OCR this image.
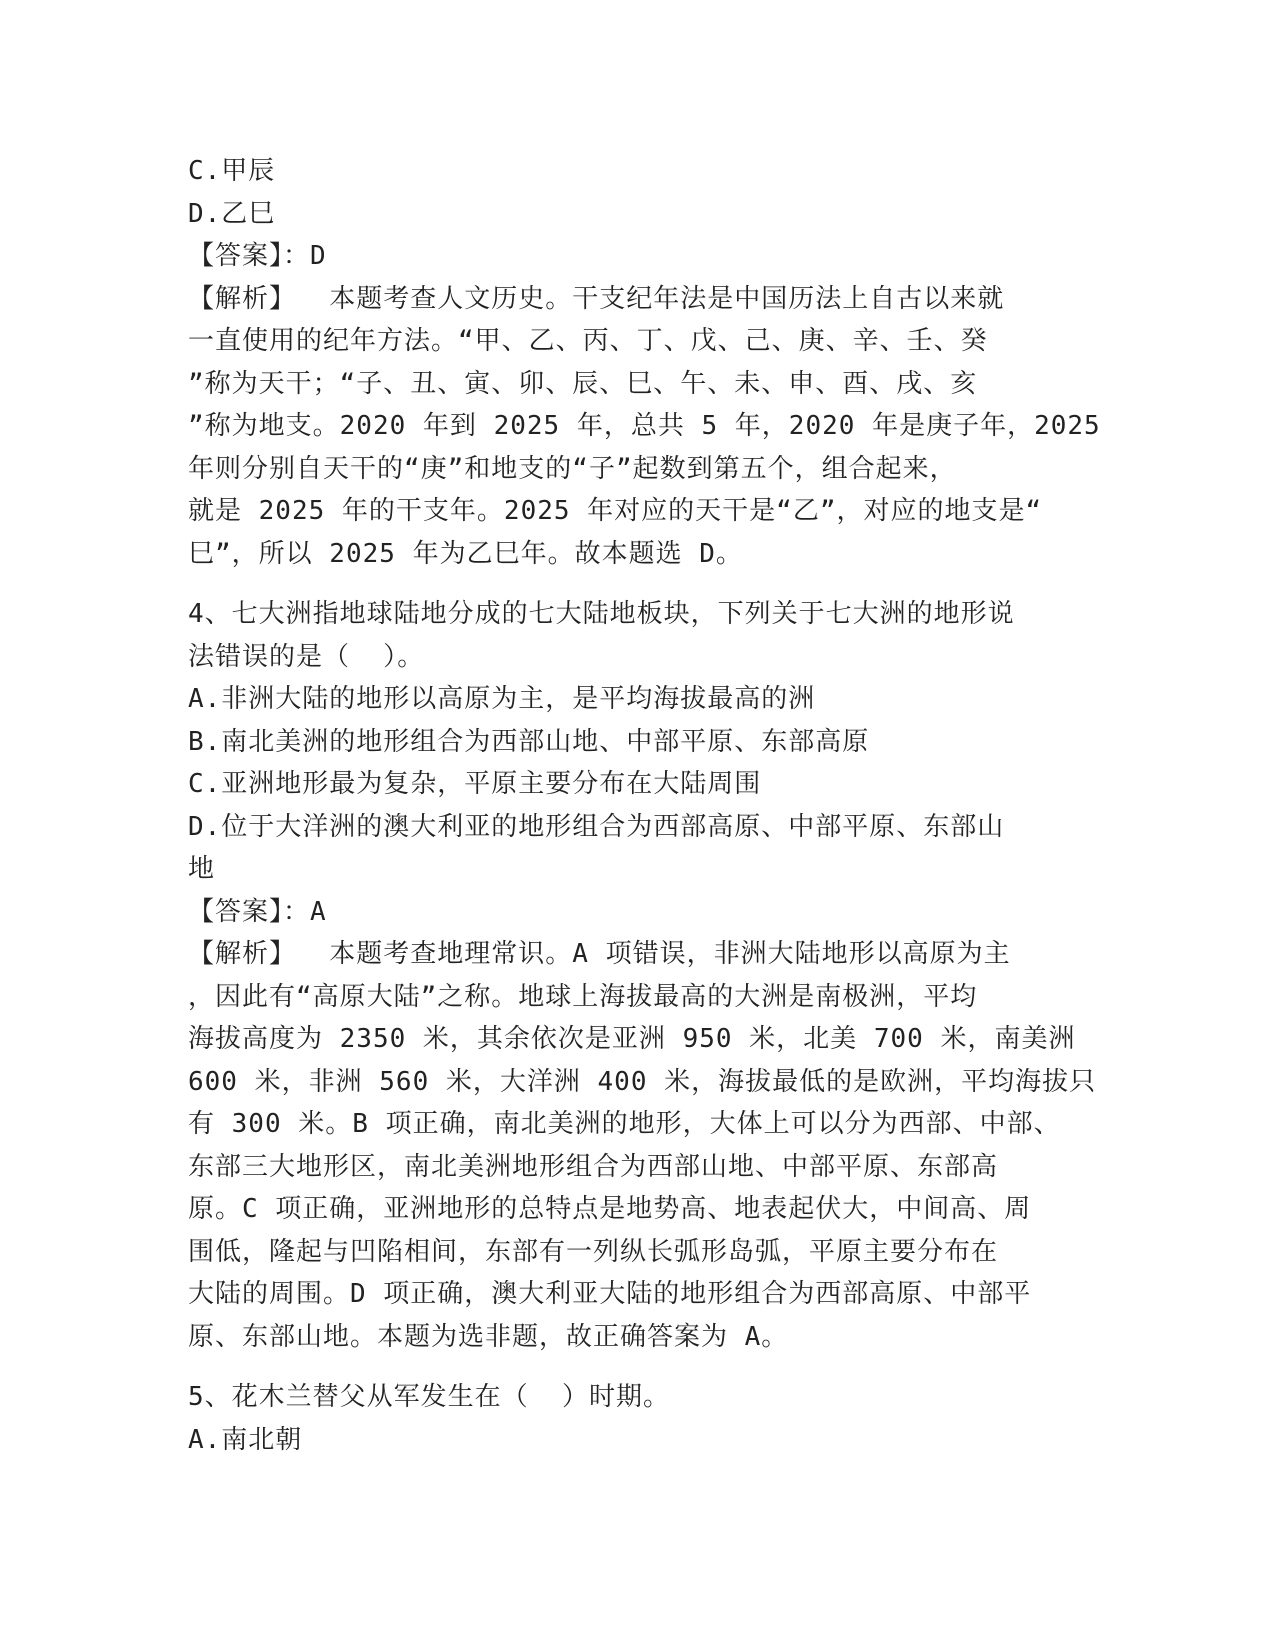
C.甲辰
D.乙巳
【答案】：D
【解析】  本题考查人文历史。干支纪年法是中国历法上自古以来就
一直使用的纪年方法。“甲、乙、丙、丁、戊、己、庚、辛、壬、癸
”称为天干；“子、丑、寅、卯、辰、巳、午、未、申、酉、戌、亥
”称为地支。2020 年到 2025 年，总共 5 年，2020 年是庚子年，2025
年则分别自天干的“庚”和地支的“子”起数到第五个，组合起来，
就是 2025 年的干支年。2025 年对应的天干是“乙”，对应的地支是“
巳”，所以 2025 年为乙巳年。故本题选 D。
4、七大洲指地球陆地分成的七大陆地板块，下列关于七大洲的地形说
法错误的是（  ）。
A.非洲大陆的地形以高原为主，是平均海拔最高的洲
B.南北美洲的地形组合为西部山地、中部平原、东部高原
C.亚洲地形最为复杂，平原主要分布在大陆周围
D.位于大洋洲的澳大利亚的地形组合为西部高原、中部平原、东部山
地
【答案】：A
【解析】  本题考查地理常识。A 项错误，非洲大陆地形以高原为主
，因此有“高原大陆”之称。地球上海拔最高的大洲是南极洲，平均
海拔高度为 2350 米，其余依次是亚洲 950 米，北美 700 米，南美洲
600 米，非洲 560 米，大洋洲 400 米，海拔最低的是欧洲，平均海拔只
有 300 米。B 项正确，南北美洲的地形，大体上可以分为西部、中部、
东部三大地形区，南北美洲地形组合为西部山地、中部平原、东部高
原。C 项正确，亚洲地形的总特点是地势高、地表起伏大，中间高、周
围低，隆起与凹陷相间，东部有一列纵长弧形岛弧，平原主要分布在
大陆的周围。D 项正确，澳大利亚大陆的地形组合为西部高原、中部平
原、东部山地。本题为选非题，故正确答案为 A。
5、花木兰替父从军发生在（  ）时期。
A.南北朝
